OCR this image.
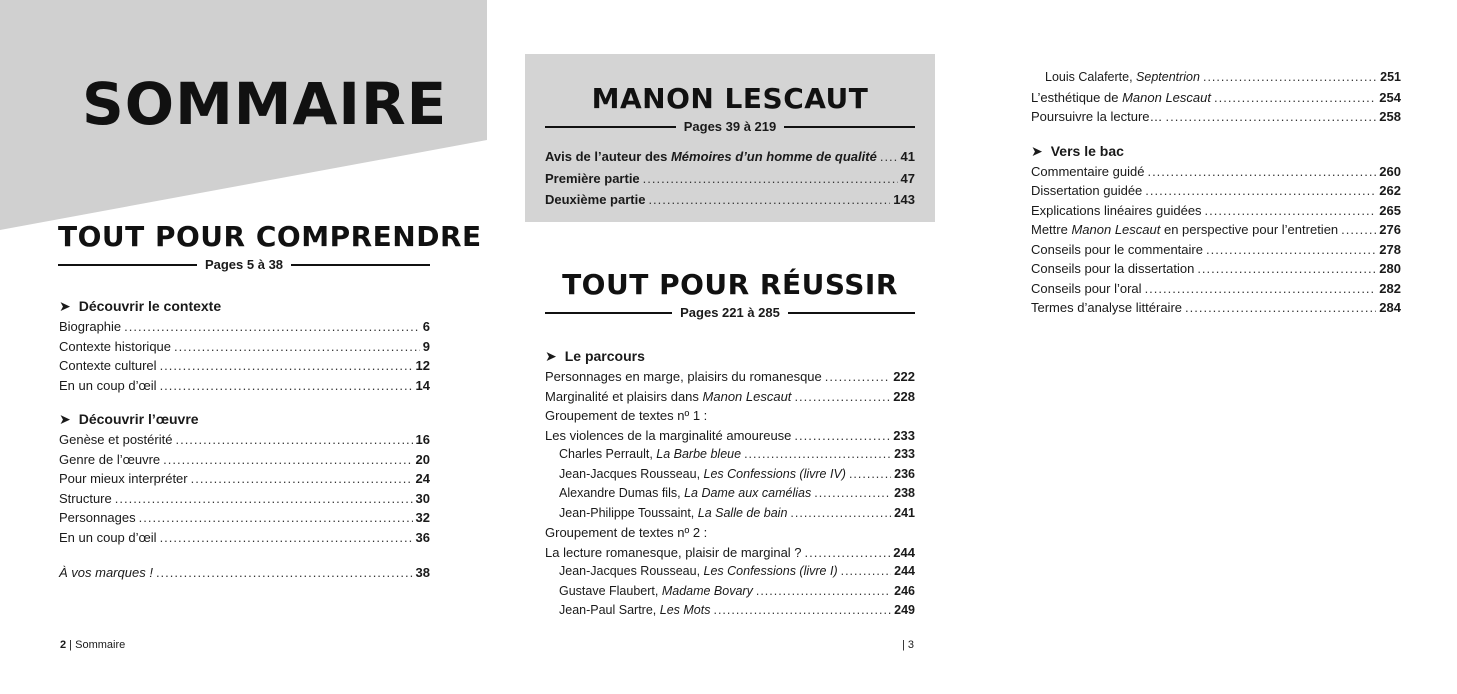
SOMMAIRE
TOUT POUR COMPRENDRE
Pages 5 à 38
➤ Découvrir le contexte
Biographie .....	6
Contexte historique .....	9
Contexte culturel .....	12
En un coup d’œil .....	14
➤ Découvrir l’œuvre
Genèse et postérité .....	16
Genre de l’œuvre .....	20
Pour mieux interpréter .....	24
Structure .....	30
Personnages .....	32
En un coup d’œil .....	36
À vos marques ! .....	38
MANON LESCAUT
Pages 39 à 219
Avis de l’auteur des Mémoires d’un homme de qualité ..... 41
Première partie .....	47
Deuxième partie .....	143
TOUT POUR RÉUSSIR
Pages 221 à 285
➤ Le parcours
Personnages en marge, plaisirs du romanesque .....	222
Marginalité et plaisirs dans Manon Lescaut .....	228
Groupement de textes nº 1 :
Les violences de la marginalité amoureuse .....	233
Charles Perrault, La Barbe bleue .....	233
Jean-Jacques Rousseau, Les Confessions (livre IV) .....	236
Alexandre Dumas fils, La Dame aux camélias .....	238
Jean-Philippe Toussaint, La Salle de bain .....	241
Groupement de textes nº 2 :
La lecture romanesque, plaisir de marginal ? .....	244
Jean-Jacques Rousseau, Les Confessions (livre I) .....	244
Gustave Flaubert, Madame Bovary .....	246
Jean-Paul Sartre, Les Mots .....	249
Louis Calaferte, Septentrion .....	251
L’esthétique de Manon Lescaut .....	254
Poursuivre la lecture… .....	258
➤ Vers le bac
Commentaire guidé .....	260
Dissertation guidée .....	262
Explications linéaires guidées .....	265
Mettre Manon Lescaut en perspective pour l’entretien .....	276
Conseils pour le commentaire .....	278
Conseils pour la dissertation .....	280
Conseils pour l’oral .....	282
Termes d’analyse littéraire .....	284
2 | Sommaire	| 3
